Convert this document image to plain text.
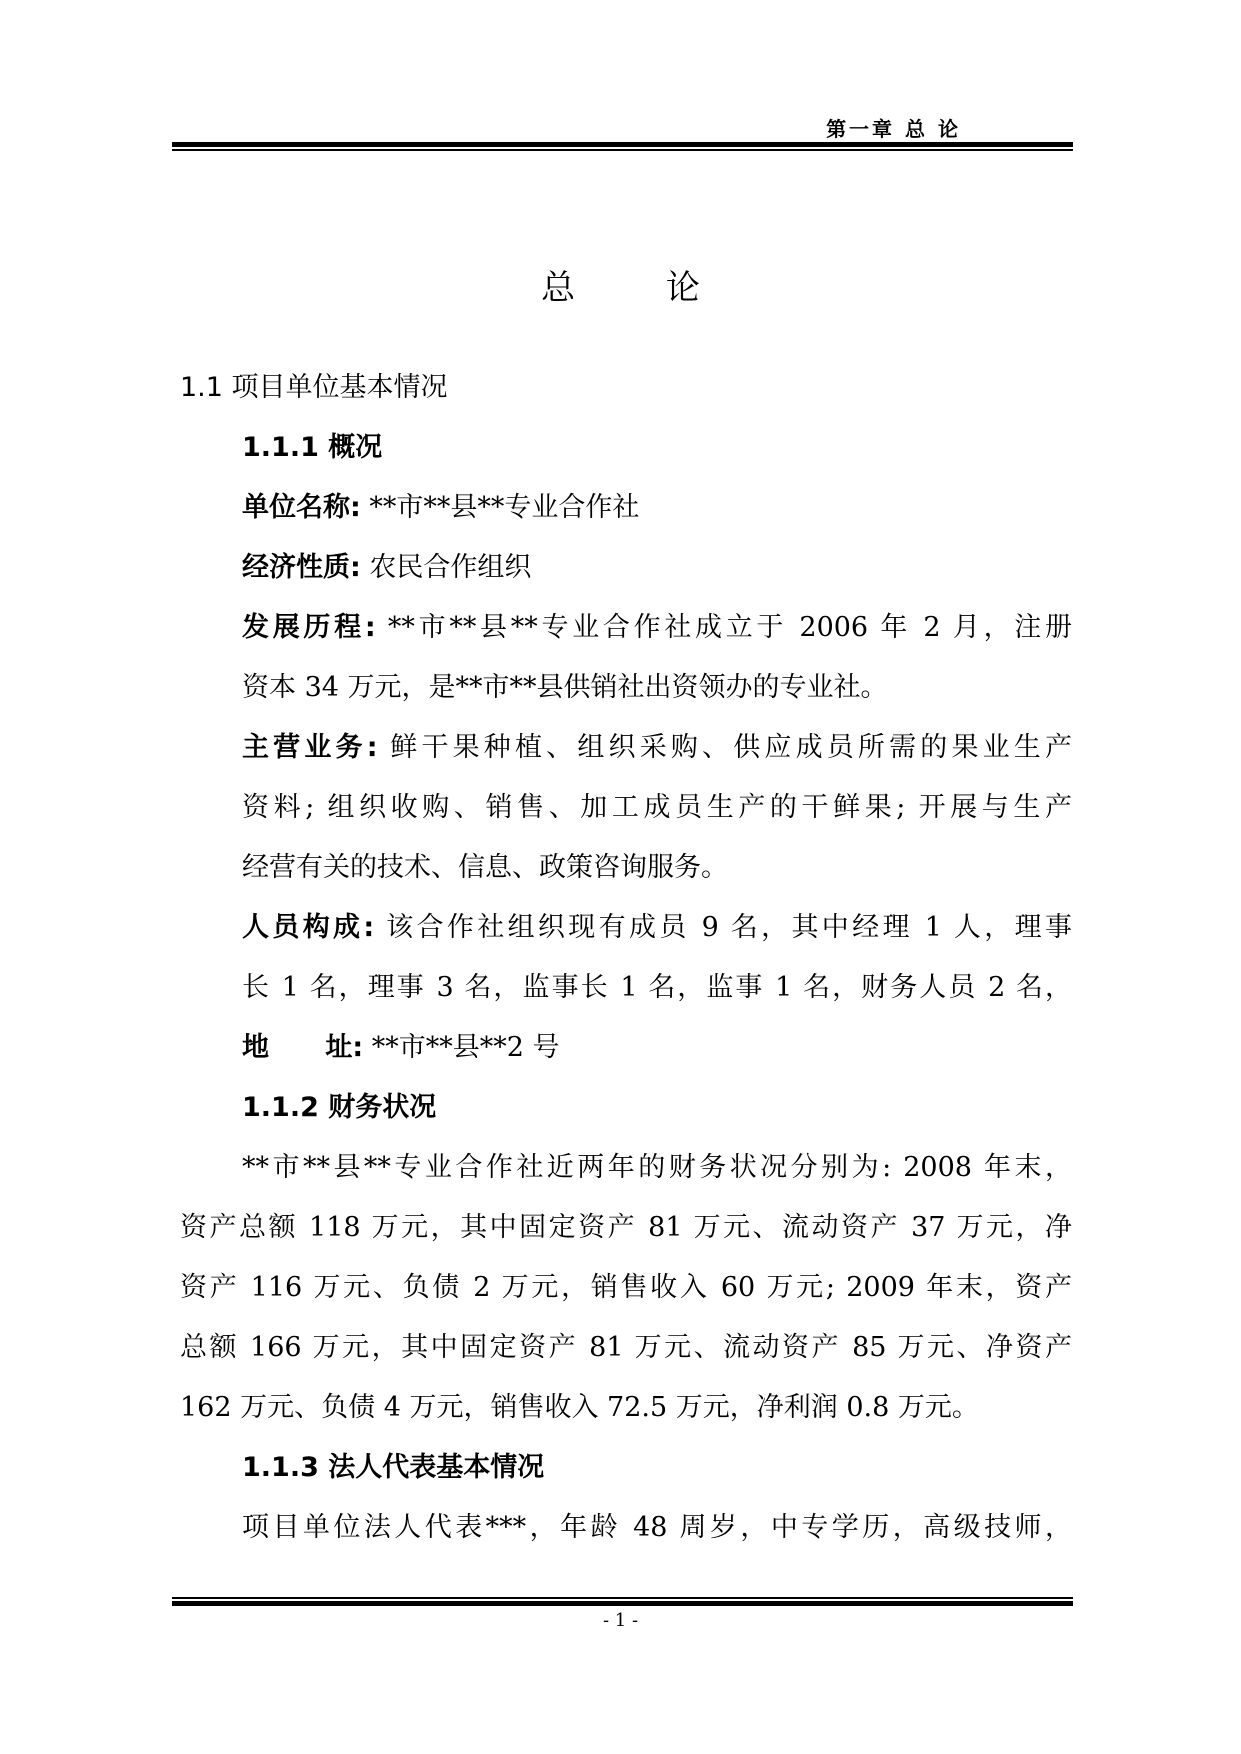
第一章 总 论
总 论
1.1 项目单位基本情况
1.1.1 概况
单位名称: **市**县**专业合作社
经济性质: 农民合作组织
发展历程: **市**县**专业合作社成立于 2006 年 2 月，注册
资本 34 万元，是**市**县供销社出资领办的专业社。
主营业务: 鲜干果种植、组织采购、供应成员所需的果业生产
资料; 组织收购、销售、加工成员生产的干鲜果; 开展与生产
经营有关的技术、信息、政策咨询服务。
人员构成: 该合作社组织现有成员 9 名，其中经理 1 人，理事
长 1 名，理事 3 名，监事长 1 名，监事 1 名，财务人员 2 名，
地      址: **市**县**2 号
1.1.2 财务状况
**市**县**专业合作社近两年的财务状况分别为: 2008 年末，
资产总额 118 万元，其中固定资产 81 万元、流动资产 37 万元，净
资产 116 万元、负债 2 万元，销售收入 60 万元; 2009 年末，资产
总额 166 万元，其中固定资产 81 万元、流动资产 85 万元、净资产
162 万元、负债 4 万元，销售收入 72.5 万元，净利润 0.8 万元。
1.1.3 法人代表基本情况
项目单位法人代表***，年龄 48 周岁，中专学历，高级技师，
- 1 -
